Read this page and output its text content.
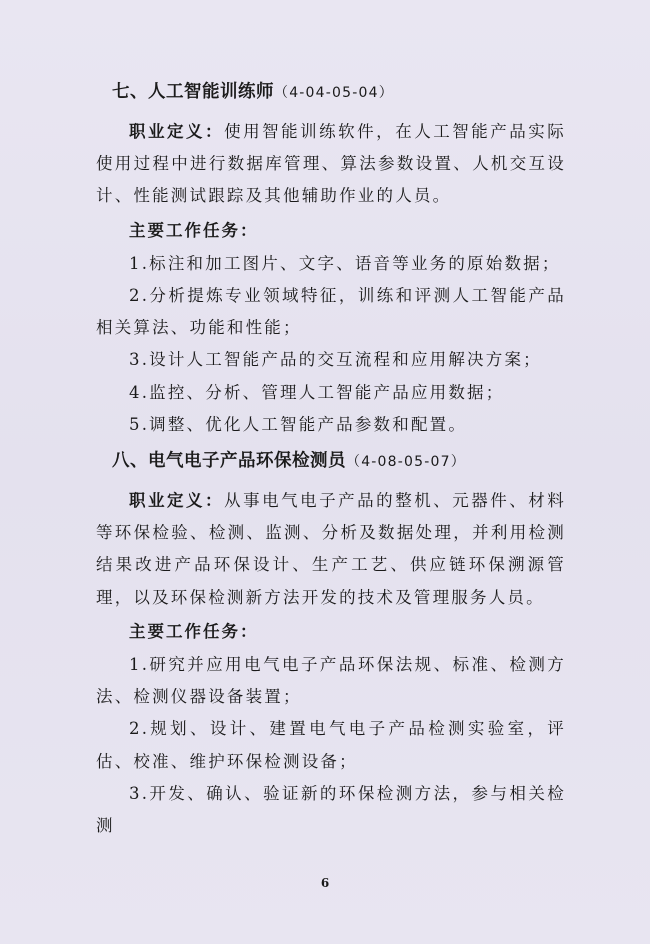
七、人工智能训练师（4-04-05-04）

职业定义：使用智能训练软件，在人工智能产品实际使用过程中进行数据库管理、算法参数设置、人机交互设计、性能测试跟踪及其他辅助作业的人员。

主要工作任务：

1.标注和加工图片、文字、语音等业务的原始数据；

2.分析提炼专业领域特征，训练和评测人工智能产品相关算法、功能和性能；

3.设计人工智能产品的交互流程和应用解决方案；

4.监控、分析、管理人工智能产品应用数据；

5.调整、优化人工智能产品参数和配置。

八、电气电子产品环保检测员（4-08-05-07）

职业定义：从事电气电子产品的整机、元器件、材料等环保检验、检测、监测、分析及数据处理，并利用检测结果改进产品环保设计、生产工艺、供应链环保溯源管理，以及环保检测新方法开发的技术及管理服务人员。

主要工作任务：

1.研究并应用电气电子产品环保法规、标准、检测方法、检测仪器设备装置；

2.规划、设计、建置电气电子产品检测实验室，评估、校准、维护环保检测设备；

3.开发、确认、验证新的环保检测方法，参与相关检测

6
